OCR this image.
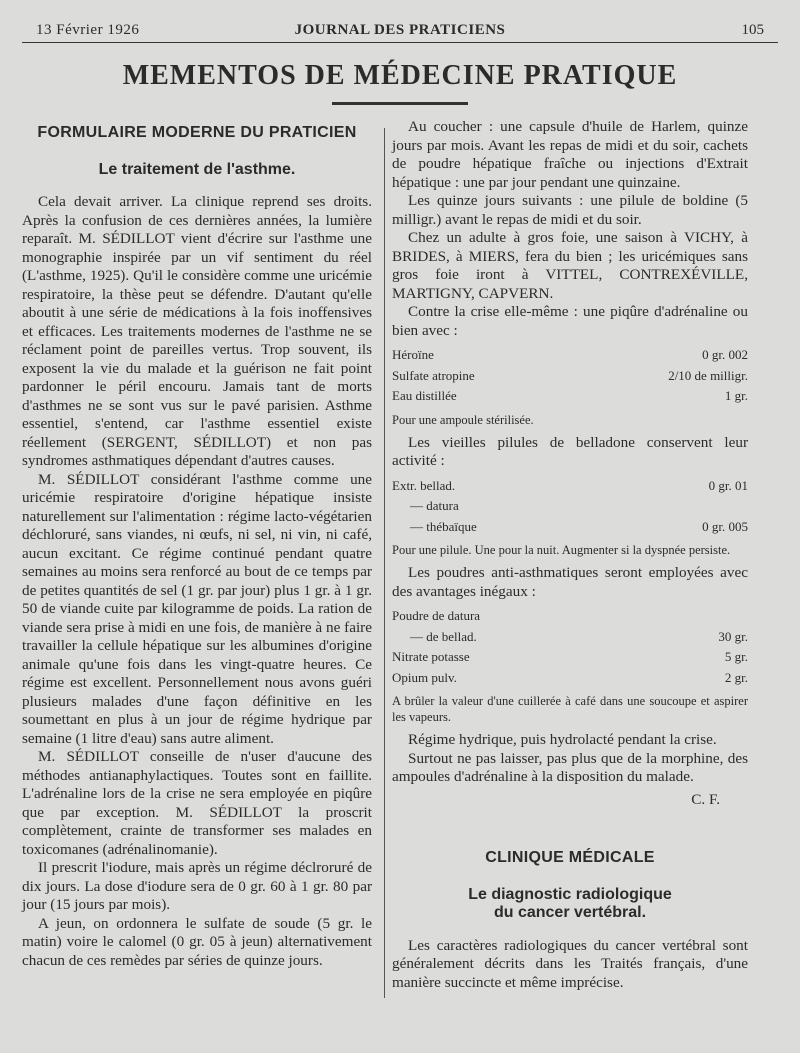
13 Février 1926	JOURNAL DES PRATICIENS	105
MEMENTOS DE MÉDECINE PRATIQUE
FORMULAIRE MODERNE DU PRATICIEN
Le traitement de l'asthme.

Cela devait arriver. La clinique reprend ses droits. Après la confusion de ces dernières années, la lumière reparaît. M. SÉDILLOT vient d'écrire sur l'asthme une monographie inspirée par un vif sentiment du réel (L'asthme, 1925). Qu'il le considère comme une uricémie respiratoire, la thèse peut se défendre. D'autant qu'elle aboutit à une série de médications à la fois inoffensives et efficaces. Les traitements modernes de l'asthme ne se réclament point de pareilles vertus. Trop souvent, ils exposent la vie du malade et la guérison ne fait point pardonner le péril encouru. Jamais tant de morts d'asthmes ne se sont vus sur le pavé parisien. Asthme essentiel, s'entend, car l'asthme essentiel existe réellement (SERGENT, SÉDILLOT) et non pas syndromes asthmatiques dépendant d'autres causes.

M. SÉDILLOT considérant l'asthme comme une uricémie respiratoire d'origine hépatique insiste naturellement sur l'alimentation : régime lacto-végétarien déchloruré, sans viandes, ni œufs, ni sel, ni vin, ni café, aucun excitant. Ce régime continué pendant quatre semaines au moins sera renforcé au bout de ce temps par de petites quantités de sel (1 gr. par jour) plus 1 gr. à 1 gr. 50 de viande cuite par kilogramme de poids. La ration de viande sera prise à midi en une fois, de manière à ne faire travailler la cellule hépatique sur les albumines d'origine animale qu'une fois dans les vingt-quatre heures. Ce régime est excellent. Personnellement nous avons guéri plusieurs malades d'une façon définitive en les soumettant en plus à un jour de régime hydrique par semaine (1 litre d'eau) sans autre aliment.

M. SÉDILLOT conseille de n'user d'aucune des méthodes antianaphylactiques. Toutes sont en faillite. L'adrénaline lors de la crise ne sera employée en piqûre que par exception. M. SÉDILLOT la proscrit complètement, crainte de transformer ses malades en toxicomanes (adrénalinomanie).

Il prescrit l'iodure, mais après un régime déclroruré de dix jours. La dose d'iodure sera de 0 gr. 60 à 1 gr. 80 par jour (15 jours par mois).

A jeun, on ordonnera le sulfate de soude (5 gr. le matin) voire le calomel (0 gr. 05 à jeun) alternativement chacun de ces remèdes par séries de quinze jours.

Au coucher : une capsule d'huile de Harlem, quinze jours par mois. Avant les repas de midi et du soir, cachets de poudre hépatique fraîche ou injections d'Extrait hépatique : une par jour pendant une quinzaine.

Les quinze jours suivants : une pilule de boldine (5 milligr.) avant le repas de midi et du soir.

Chez un adulte à gros foie, une saison à VICHY, à BRIDES, à MIERS, fera du bien ; les uricémiques sans gros foie iront à VITTEL, CONTREXÉVILLE, MARTIGNY, CAPVERN.

Contre la crise elle-même : une piqûre d'adrénaline ou bien avec :

Héroïne	0 gr. 002
Sulfate atropine	2/10 de milligr.
Eau distillée	1 gr.

Pour une ampoule stérilisée.

Les vieilles pilules de belladone conservent leur activité :

Extr. bellad.	0 gr. 01
— datura	
— thébaïque	0 gr. 005

Pour une pilule. Une pour la nuit. Augmenter si la dyspnée persiste.

Les poudres anti-asthmatiques seront employées avec des avantages inégaux :

Poudre de datura	
— de bellad.	30 gr.
Nitrate potasse	5 gr.
Opium pulv.	2 gr.

A brûler la valeur d'une cuillerée à café dans une soucoupe et aspirer les vapeurs.

Régime hydrique, puis hydrolacté pendant la crise.

Surtout ne pas laisser, pas plus que de la morphine, des ampoules d'adrénaline à la disposition du malade.

C. F.
CLINIQUE MÉDICALE
Le diagnostic radiologique
du cancer vertébral.

Les caractères radiologiques du cancer vertébral sont généralement décrits dans les Traités français, d'une manière succincte et même imprécise.
